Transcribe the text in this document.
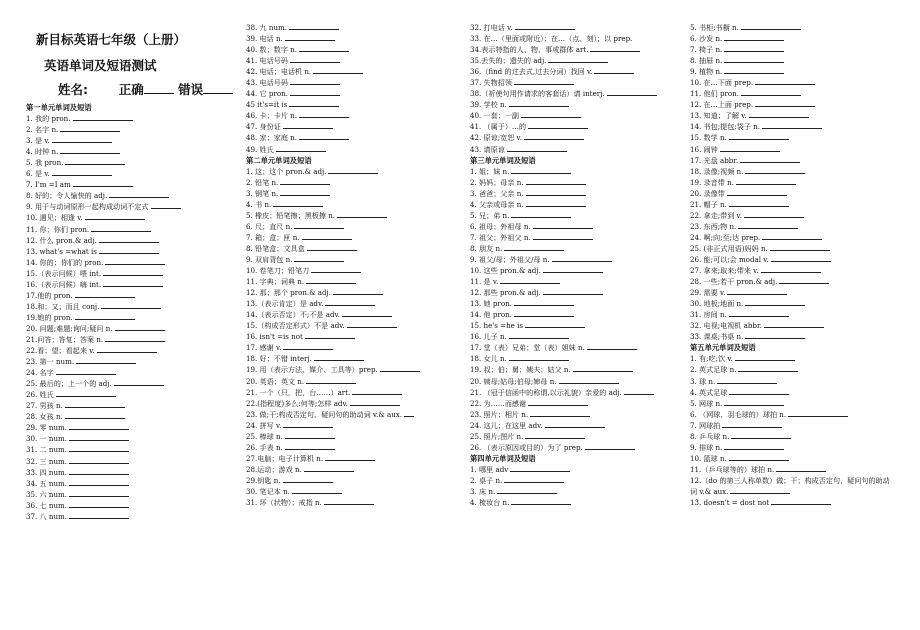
新目标英语七年级（上册）
英语单词及短语测试
姓名: 正确	错误
第一单元单词及短语
1. 我的 pron.
2. 名字 n.
3. 是 v.
4. 时钟 n.
5. 我 pron.
6. 是 v.
7. I'm =I am
8. 好的；令人愉快的 adj.
9. 用于与动词原形一起构成动词不定式
10. 遇见；相逢 v.
11. 你；你们 pron.
12. 什么 pron.& adj.
13. what's =what is
14. 你的；你们的 pron.
15.（表示问候）喂 int.
16.（表示问候）嗨 int.
17.他的 pron.
18.和；又；而且 conj.
19.她的 pron.
20. 问题;难题;询问;疑问 n.
21.问答；答复；答案 n.
22.看；望；看起来 v.
23. 第一 num.
24. 名字
25. 最后的；上一个的 adj.
26. 姓氏
27. 男孩 n.
28. 女孩 n.
29. 零 num.
30. 一 num.
31. 二 num.
32. 三 num.
33. 四 num.
34. 五 num.
35. 六 num.
36. 七 num.
37. 八 num.
38. 九 num.
39. 电话 n.
40. 数；数字 n.
41. 电话号码
42. 电话；电话机 n.
43. 电话号码
44. 它 pron.
45 it's=it is
46. 卡；卡片 n.
47. 身份证
48. 家；家庭 n.
49. 姓氏
第二单元单词及短语
1. 这；这个 pron.& adj.
2. 铅笔 n.
3. 钢笔 n.
4. 书 n.
5. 橡皮；铅笔擦；黑板擦 n.
6. 尺；直尺 n.
7. 箱；盒；匣 n.
8. 铅笔盒；文具盒
9. 双肩背包 n.
10. 卷笔刀；铅笔刀
11. 字典；词典 n.
12. 那；那个 pron.& adj.
13.（表示肯定）是 adv.
14.（表示否定）不;不是 adv.
15.（构成否定形式）不是 adv.
16. isn't =is not
17. 感谢 v.
18. 好；不错 interj.
19. 用（表示方法、媒介、工具等）prep.
20. 英语；英文 n.
21. 一个（只，把，台……）art.
22.(指程度)多么;何等;怎样 adv.
23. 做;干;构成否定句、疑问句的助动词 v.& aux.
24. 拼写 v.
25. 棒球 n.
26. 手表 n.
27.电脑；电子计算机 n.
28.运动；游戏 n.
29.钥匙 n.
30. 笔记本 n.
31. 环（状物）；戒指 n.
32. 打电话 v.
33. 在…（里面或附近）；在…（点、刻）；以 prep.
34.表示特指的人、物、事或群体 art.
35.丢失的；遗失的 adj.
36.（find 的过去式,过去分词）找回 v.
37. 失物招领
38.（祈使句用作请求的客套话）请 interj.
39. 学校 n.
40. 一套；一副
41. （属于）…的
42. 原谅;宽恕 v.
43. 请原谅
第三单元单词及短语
1. 姐；妹 n.
2. 妈妈；母亲 n.
3. 爸爸；父亲 n.
4. 父亲或母亲 n.
5. 兄；弟 n.
6. 祖母；外祖母 n.
7. 祖父；外祖父 n.
8. 朋友 n.
9. 祖父/母；外祖父/母 n.
10. 这些 pron.& adj.
11. 是 v.
12. 那些 pron.& adj.
13. 她 pron.
14. 他 pron.
15. he's =he is
16. 儿子 n.
17. 堂（表）兄弟；堂（表）姐妹 n.
18. 女儿 n.
19. 叔；伯；舅；姨夫；姑父 n.
20. 姨母;姑母;伯母;婶母 n.
21. （冠于信函中的称谓,以示礼貌）亲爱的 adj.
22. 为……而感谢
23. 照片；相片 n.
24. 这儿；在这里 adv.
25. 照片;图片 n.
26. （表示原因或目的）为了 prep.
第四单元单词及短语
1. 哪里 adv
2. 桌子 n.
3. 床 n.
4. 梳妆台 n.
5. 书柜;书橱 n.
6. 沙发 n.
7. 椅子 n.
8. 抽屉 n.
9. 植物 n.
10. 在…下面 prep.
11. 他们 pron.
12. 在…上面 prep.
13. 知道；了解 v.
14. 书包;提包;袋子 n.
15. 数学 n.
16. 闹钟
17. 光盘 abbr.
18. 录像;视频 n.
19. 录音带 n.
20. 录像带
21. 帽子 n.
22. 拿走;带到 v.
23. 东西;物 n.
24. 啊;向;至;达 prep.
25. (非正式用语)妈妈 n.
26. 能;可以;会 modal v.
27. 拿来;取来;带来 v.
28. 一些;若干 pron.& adj.
29. 需要 v.
30. 地板;地面 n.
31. 房间 n.
32. 电视;电视机 abbr.
33. 课桌;书桌 n.
第五单元单词及短语
1. 有;吃;饮 v.
2. 英式足球 n.
3. 球 n.
4. 英式足球
5. 网球 n.
6. （网球、羽毛球的）球拍 n.
7. 网球拍
8. 乒乓球 n.
9. 排球 n.
10. 篮球 n.
11.（乒乓球等的）球拍 n.
12.（do 的第三人称单数）做；干；构成否定句、疑问句的助动
词 v.& aux.
13. doesn't = dost not
